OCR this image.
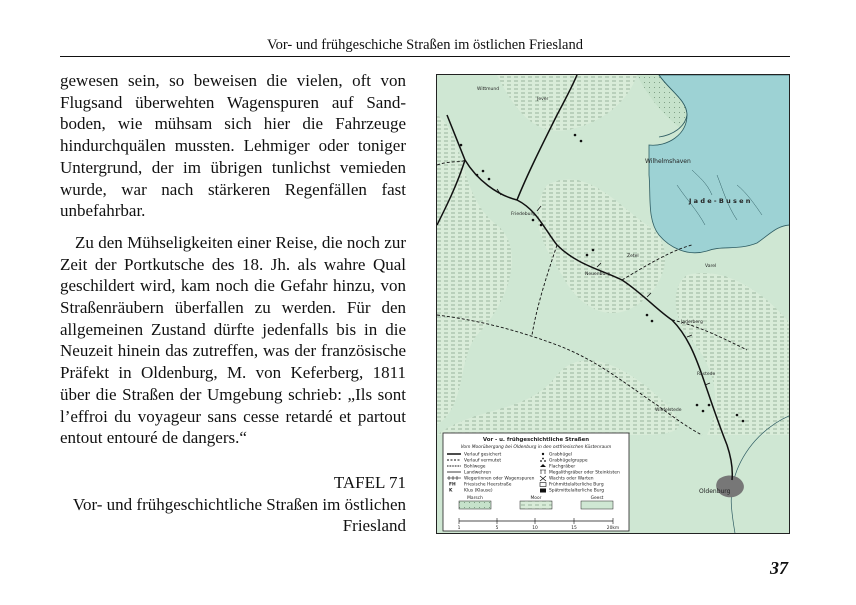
Vor- und frühgeschiche Straßen im östlichen Friesland

gewesen sein, so beweisen die vielen, oft von Flugsand überwehten Wagenspuren auf Sandboden, wie mühsam sich hier die Fahrzeuge hindurchquälen mussten. Lehmiger oder toniger Untergrund, der im übrigen tunlichst vemieden wurde, war nach stärkeren Regenfällen fast unbefahrbar.

Zu den Mühseligkeiten einer Reise, die noch zur Zeit der Portkutsche des 18. Jh. als wahre Qual geschildert wird, kam noch die Gefahr hinzu, von Straßenräubern überfallen zu werden. Für den allgemeinen Zustand dürfte jedenfalls bis in die Neuzeit hinein das zutreffen, was der französische Präfekt in Oldenburg, M. von Keferberg, 1811 über die Straßen der Umgebung schrieb: „Ils sont l’effroi du voyageur sans cesse retardé et partout entout entouré de dangers.“

TAFEL 71
Vor- und frühgeschichtliche Straßen im östlichen Friesland
Wilhelmshaven
J a d e - B u s e n
Oldenburg
Varel
Jever
Wittmund
Friedeburg
Neuenburg
Zetel
Jaderberg
Rastede
Wiefelstede
Vor - u. frühgeschichtliche Straßen
Vom Moorübergang bei Oldenburg in den ostfriesischen Küstenraum
Verlauf gesichert
Verlauf vermutet
Bohlwege
Landwehren
Wegeriinnen oder Wagenspuren
FH Friesische Heerstraße
K	Klus (Klause)
Grabhügel
Grabhügelgruppe
Flachgräber
Megalithgräber oder Steinkisten
Wachts oder Warten
Frühmittelalterliche Burg
Spätmittelalterliche Burg
Marsch	Moor	Geest
1	5	10	15	20km
37
